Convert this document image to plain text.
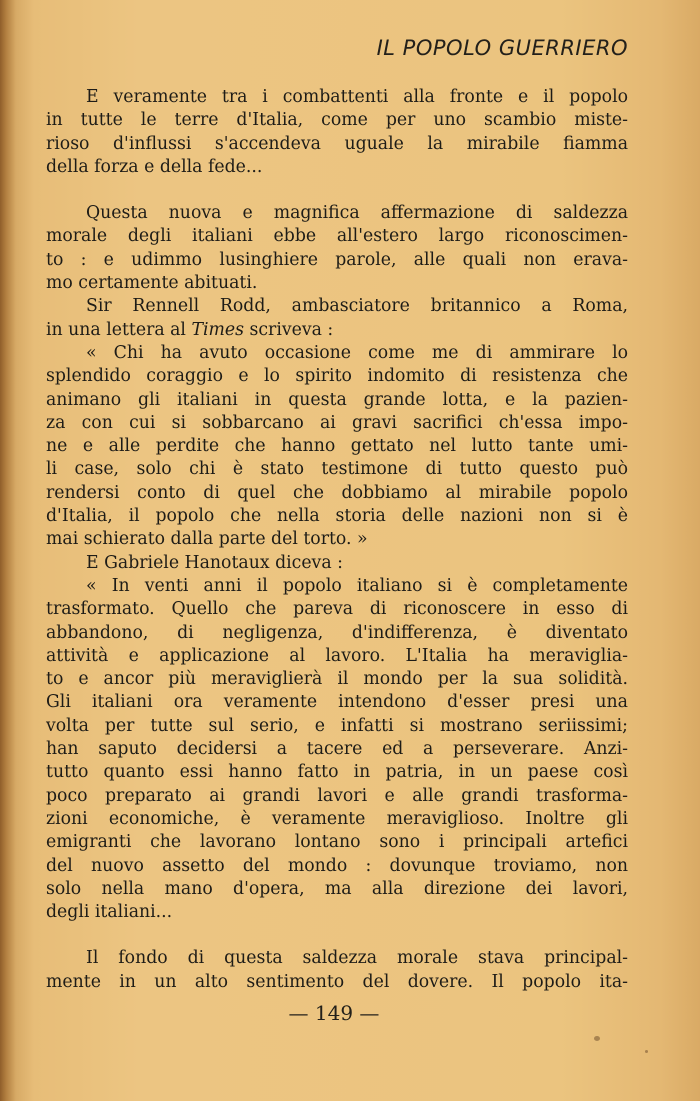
IL POPOLO GUERRIERO
E veramente tra i combattenti alla fronte e il popolo
in tutte le terre d'Italia, come per uno scambio miste-
rioso d'influssi s'accendeva uguale la mirabile fiamma
della forza e della fede...
Questa nuova e magnifica affermazione di saldezza
morale degli italiani ebbe all'estero largo riconoscimen-
to : e udimmo lusinghiere parole, alle quali non erava-
mo certamente abituati.
Sir Rennell Rodd, ambasciatore britannico a Roma,
in una lettera al Times scriveva :
« Chi ha avuto occasione come me di ammirare lo
splendido coraggio e lo spirito indomito di resistenza che
animano gli italiani in questa grande lotta, e la pazien-
za con cui si sobbarcano ai gravi sacrifici ch'essa impo-
ne e alle perdite che hanno gettato nel lutto tante umi-
li case, solo chi è stato testimone di tutto questo può
rendersi conto di quel che dobbiamo al mirabile popolo
d'Italia, il popolo che nella storia delle nazioni non si è
mai schierato dalla parte del torto. »
E Gabriele Hanotaux diceva :
« In venti anni il popolo italiano si è completamente
trasformato. Quello che pareva di riconoscere in esso di
abbandono, di negligenza, d'indifferenza, è diventato
attività e applicazione al lavoro. L'Italia ha meraviglia-
to e ancor più meraviglierà il mondo per la sua solidità.
Gli italiani ora veramente intendono d'esser presi una
volta per tutte sul serio, e infatti si mostrano seriissimi;
han saputo decidersi a tacere ed a perseverare. Anzi-
tutto quanto essi hanno fatto in patria, in un paese così
poco preparato ai grandi lavori e alle grandi trasforma-
zioni economiche, è veramente meraviglioso. Inoltre gli
emigranti che lavorano lontano sono i principali artefici
del nuovo assetto del mondo : dovunque troviamo, non
solo nella mano d'opera, ma alla direzione dei lavori,
degli italiani...
Il fondo di questa saldezza morale stava principal-
mente in un alto sentimento del dovere. Il popolo ita-
— 149 —
